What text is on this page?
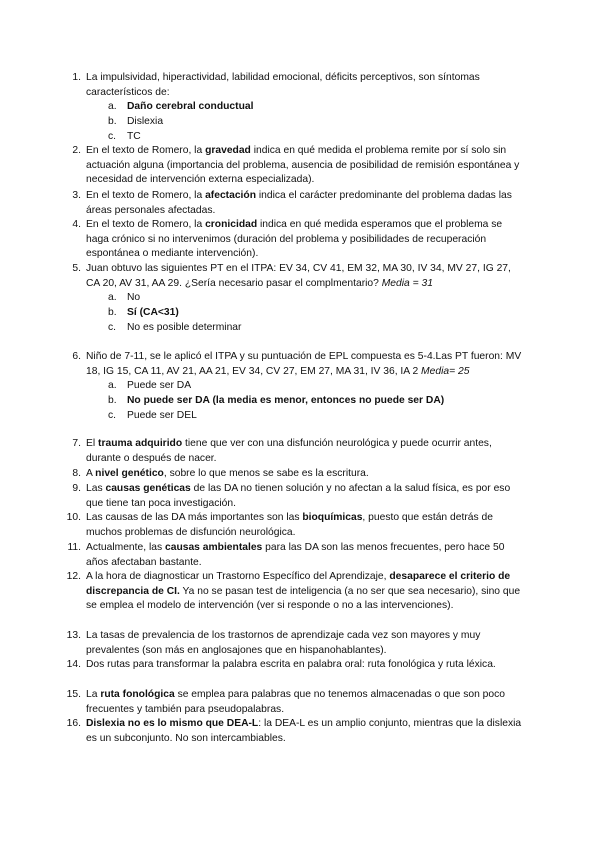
1. La impulsividad, hiperactividad, labilidad emocional, déficits perceptivos, son síntomas característicos de:
a.	Daño cerebral conductual
b.	Dislexia
c.	TC
2. En el texto de Romero, la gravedad indica en qué medida el problema remite por sí solo sin actuación alguna (importancia del problema, ausencia de posibilidad de remisión espontánea y necesidad de intervención externa especializada).
3. En el texto de Romero, la afectación indica el carácter predominante del problema dadas las áreas personales afectadas.
4. En el texto de Romero, la cronicidad indica en qué medida esperamos que el problema se haga crónico si no intervenimos (duración del problema y posibilidades de recuperación espontánea o mediante intervención).
5. Juan obtuvo las siguientes PT en el ITPA: EV 34, CV 41, EM 32, MA 30, IV 34, MV 27, IG 27, CA 20, AV 31, AA 29. ¿Sería necesario pasar el complmentario? Media = 31
a.	No
b.	Sí (CA<31)
c.	No es posible determinar
6. Niño de 7-11, se le aplicó el ITPA y su puntuación de EPL compuesta es 5-4.Las PT fueron: MV 18, IG 15, CA 11, AV 21, AA 21, EV 34, CV 27, EM 27, MA 31, IV 36, IA 2 Media= 25
a.	Puede ser DA
b.	No puede ser DA (la media es menor, entonces no puede ser DA)
c.	Puede ser DEL
7. El trauma adquirido tiene que ver con una disfunción neurológica y puede ocurrir antes, durante o después de nacer.
8. A nivel genético, sobre lo que menos se sabe es la escritura.
9. Las causas genéticas de las DA no tienen solución y no afectan a la salud física, es por eso que tiene tan poca investigación.
10. Las causas de las DA más importantes son las bioquímicas, puesto que están detrás de muchos problemas de disfunción neurológica.
11. Actualmente, las causas ambientales para las DA son las menos frecuentes, pero hace 50 años afectaban bastante.
12. A la hora de diagnosticar un Trastorno Específico del Aprendizaje, desaparece el criterio de discrepancia de CI. Ya no se pasan test de inteligencia (a no ser que sea necesario), sino que se emplea el modelo de intervención (ver si responde o no a las intervenciones).
13. La tasas de prevalencia de los trastornos de aprendizaje cada vez son mayores y muy prevalentes (son más en anglosajones que en hispanohablantes).
14. Dos rutas para transformar la palabra escrita en palabra oral: ruta fonológica y ruta léxica.
15. La ruta fonológica se emplea para palabras que no tenemos almacenadas o que son poco frecuentes y también para pseudopalabras.
16. Dislexia no es lo mismo que DEA-L: la DEA-L es un amplio conjunto, mientras que la dislexia es un subconjunto. No son intercambiables.
